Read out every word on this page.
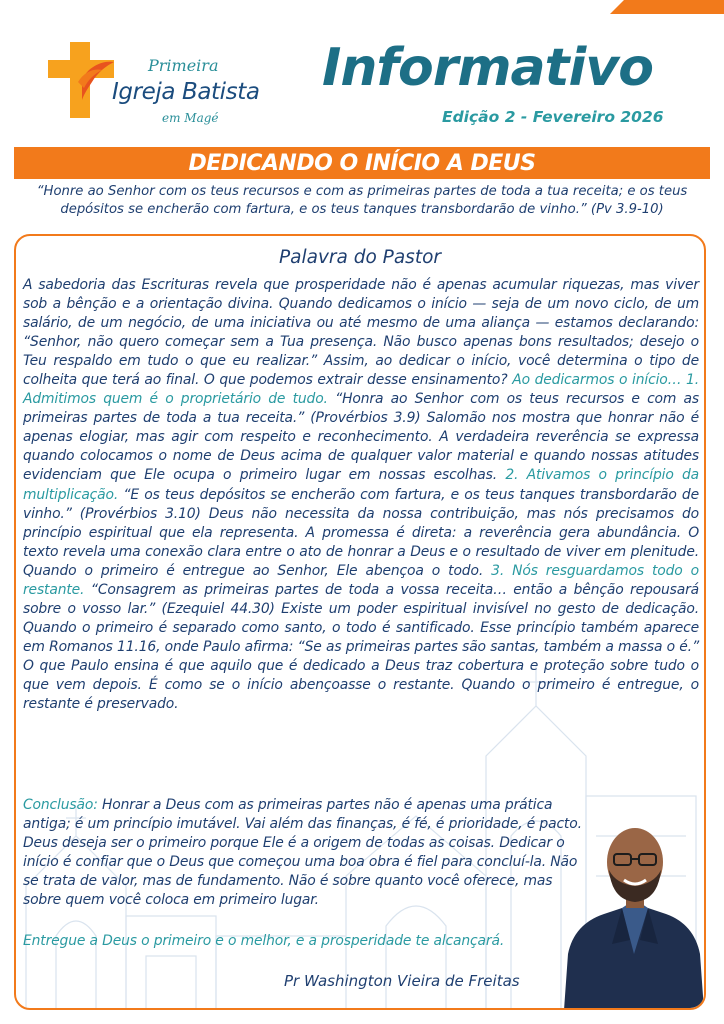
Primeira
Igreja Batista
em Magé
Informativo
Edição 2 - Fevereiro 2026
DEDICANDO O INÍCIO A DEUS
“Honre ao Senhor com os teus recursos e com as primeiras partes de toda a tua receita; e os teus depósitos se encherão com fartura, e os teus tanques transbordarão de vinho.” (Pv 3.9-10)
Palavra do Pastor
A sabedoria das Escrituras revela que prosperidade não é apenas acumular riquezas, mas viver sob a bênção e a orientação divina. Quando dedicamos o início — seja de um novo ciclo, de um salário, de um negócio, de uma iniciativa ou até mesmo de uma aliança — estamos declarando: “Senhor, não quero começar sem a Tua presença. Não busco apenas bons resultados; desejo o Teu respaldo em tudo o que eu realizar.” Assim, ao dedicar o início, você determina o tipo de colheita que terá ao final. O que podemos extrair desse ensinamento? Ao dedicarmos o início… 1. Admitimos quem é o proprietário de tudo. “Honra ao Senhor com os teus recursos e com as primeiras partes de toda a tua receita.” (Provérbios 3.9) Salomão nos mostra que honrar não é apenas elogiar, mas agir com respeito e reconhecimento. A verdadeira reverência se expressa quando colocamos o nome de Deus acima de qualquer valor material e quando nossas atitudes evidenciam que Ele ocupa o primeiro lugar em nossas escolhas. 2. Ativamos o princípio da multiplicação. “E os teus depósitos se encherão com fartura, e os teus tanques transbordarão de vinho.” (Provérbios 3.10) Deus não necessita da nossa contribuição, mas nós precisamos do princípio espiritual que ela representa. A promessa é direta: a reverência gera abundância. O texto revela uma conexão clara entre o ato de honrar a Deus e o resultado de viver em plenitude. Quando o primeiro é entregue ao Senhor, Ele abençoa o todo. 3. Nós resguardamos todo o restante. “Consagrem as primeiras partes de toda a vossa receita… então a bênção repousará sobre o vosso lar.” (Ezequiel 44.30) Existe um poder espiritual invisível no gesto de dedicação. Quando o primeiro é separado como santo, o todo é santificado. Esse princípio também aparece em Romanos 11.16, onde Paulo afirma: “Se as primeiras partes são santas, também a massa o é.” O que Paulo ensina é que aquilo que é dedicado a Deus traz cobertura e proteção sobre tudo o que vem depois. É como se o início abençoasse o restante. Quando o primeiro é entregue, o restante é preservado.
Conclusão: Honrar a Deus com as primeiras partes não é apenas uma prática antiga; é um princípio imutável. Vai além das finanças, é fé, é prioridade, é pacto. Deus deseja ser o primeiro porque Ele é a origem de todas as coisas. Dedicar o início é confiar que o Deus que começou uma boa obra é fiel para concluí-la. Não se trata de valor, mas de fundamento. Não é sobre quanto você oferece, mas sobre quem você coloca em primeiro lugar.
Entregue a Deus o primeiro e o melhor, e a prosperidade te alcançará.
Pr Washington Vieira de Freitas
